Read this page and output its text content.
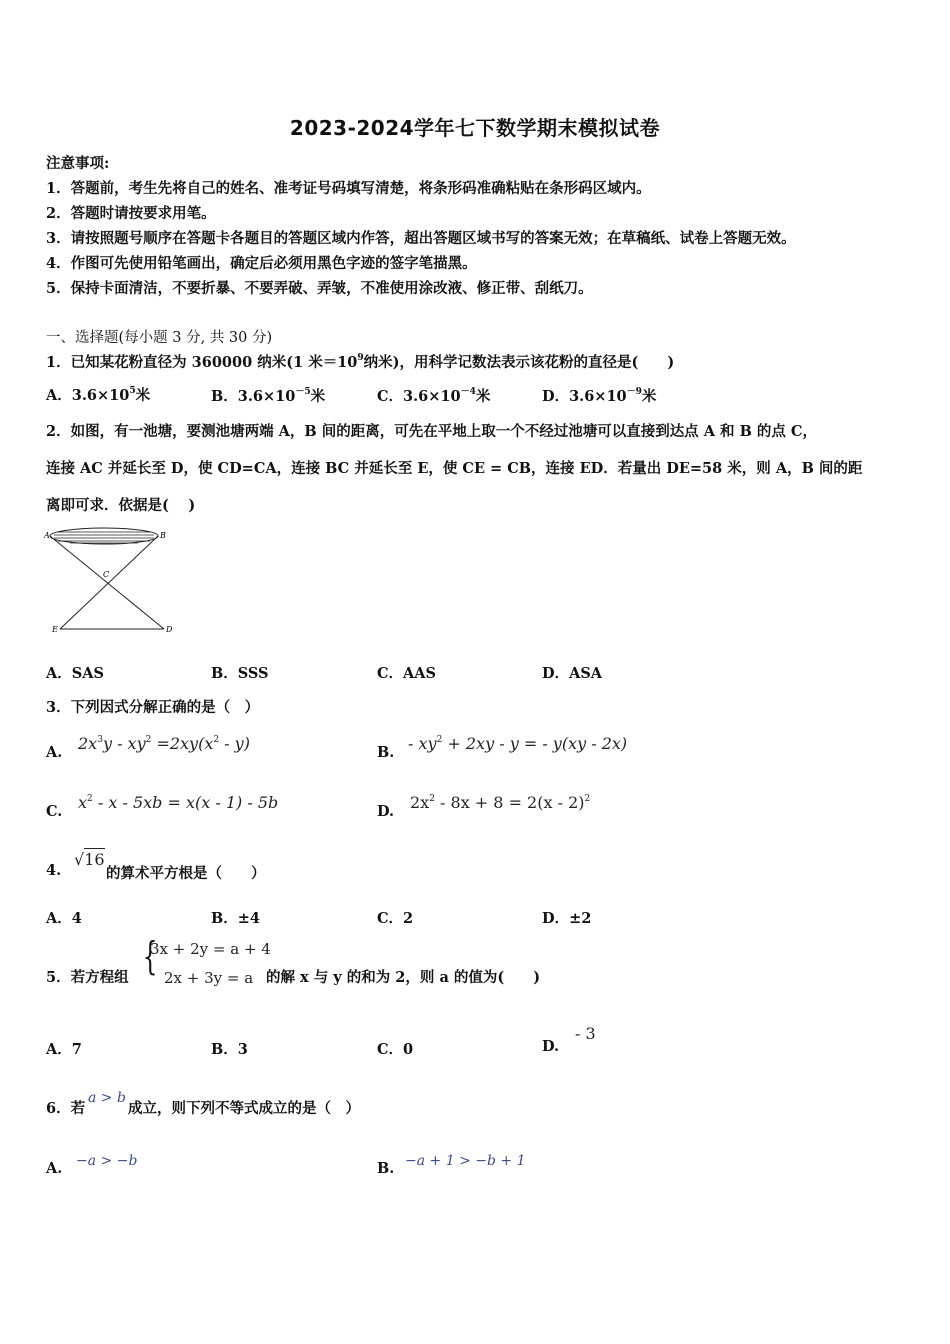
2023-2024学年七下数学期末模拟试卷
注意事项:
1．答题前，考生先将自己的姓名、准考证号码填写清楚，将条形码准确粘贴在条形码区域内。
2．答题时请按要求用笔。
3．请按照题号顺序在答题卡各题目的答题区域内作答，超出答题区域书写的答案无效；在草稿纸、试卷上答题无效。
4．作图可先使用铅笔画出，确定后必须用黑色字迹的签字笔描黑。
5．保持卡面清洁，不要折暴、不要弄破、弄皱，不准使用涂改液、修正带、刮纸刀。
一、选择题(每小题 3 分, 共 30 分)
1．已知某花粉直径为 360000 纳米(1 米$=10^9$纳米)，用科学记数法表示该花粉的直径是(　　)
A．$3.6\times 10^5$米	B．$3.6\times 10^{-5}$米	C．$3.6\times 10^{-4}$米	D．$3.6\times 10^{-9}$米
2．如图，有一池塘，要测池塘两端 A，B 间的距离，可先在平地上取一个不经过池塘可以直接到达点 A 和 B 的点 C，
连接 AC 并延长至 D，使 CD=CA，连接 BC 并延长至 E，使 CE = CB，连接 ED．若量出 DE=58 米，则 A，B 间的距
离即可求．依据是(　 )
A	B
C
E	D
A．SAS	B．SSS	C．AAS	D．ASA
3．下列因式分解正确的是（　）
A. $2x^3y - xy^2 =2xy(x^2 - y)$	B. - $xy^2 + 2xy - y$ = - y(xy - 2x)
C. $x^2 - x - 5xb = x(x - 1) - 5b$	D. $2x^2 - 8x + 8 = 2(x - 2)^2$
4.
√16
的算术平方根是（　　）
A．4	B．±4	C．2	D．±2
5．若方程组 {
3x + 2y = a + 4
2x + 3y = a 的解 x 与 y 的和为 2，则 a 的值为(　　)
A．7	B．3	C．0	D.
- 3
6．若
a > b
成立，则下列不等式成立的是（　）
A. −a > −b	B. −a + 1 > −b + 1
